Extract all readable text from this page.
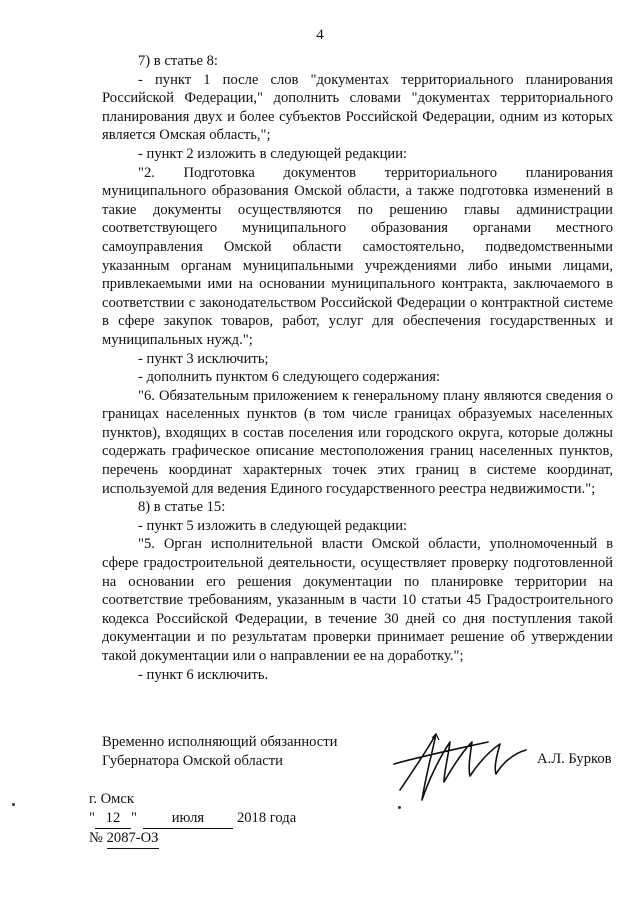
4

7) в статье 8:

- пункт 1 после слов "документах территориального планирования Российской Федерации," дополнить словами "документах территориального планирования двух и более субъектов Российской Федерации, одним из которых является Омская область,";

- пункт 2 изложить в следующей редакции:

"2. Подготовка документов территориального планирования муниципального образования Омской области, а также подготовка изменений в такие документы осуществляются по решению главы администрации соответствующего муниципального образования органами местного самоуправления Омской области самостоятельно, подведомственными указанным органам муниципальными учреждениями либо иными лицами, привлекаемыми ими на основании муниципального контракта, заключаемого в соответствии с законодательством Российской Федерации о контрактной системе в сфере закупок товаров, работ, услуг для обеспечения государственных и муниципальных нужд.";

- пункт 3 исключить;

- дополнить пунктом 6 следующего содержания:

"6. Обязательным приложением к генеральному плану являются сведения о границах населенных пунктов (в том числе границах образуемых населенных пунктов), входящих в состав поселения или городского округа, которые должны содержать графическое описание местоположения границ населенных пунктов, перечень координат характерных точек этих границ в системе координат, используемой для ведения Единого государственного реестра недвижимости.";

8) в статье 15:

- пункт 5 изложить в следующей редакции:

"5. Орган исполнительной власти Омской области, уполномоченный в сфере градостроительной деятельности, осуществляет проверку подготовленной на основании его решения документации по планировке территории на соответствие требованиям, указанным в части 10 статьи 45 Градостроительного кодекса Российской Федерации, в течение 30 дней со дня поступления такой документации и по результатам проверки принимает решение об утверждении такой документации или о направлении ее на доработку.";

- пункт 6 исключить.

Временно исполняющий обязанности
Губернатора Омской области	А.Л. Бурков
г. Омск
" 12 " июля 2018 года
№ 2087-ОЗ
